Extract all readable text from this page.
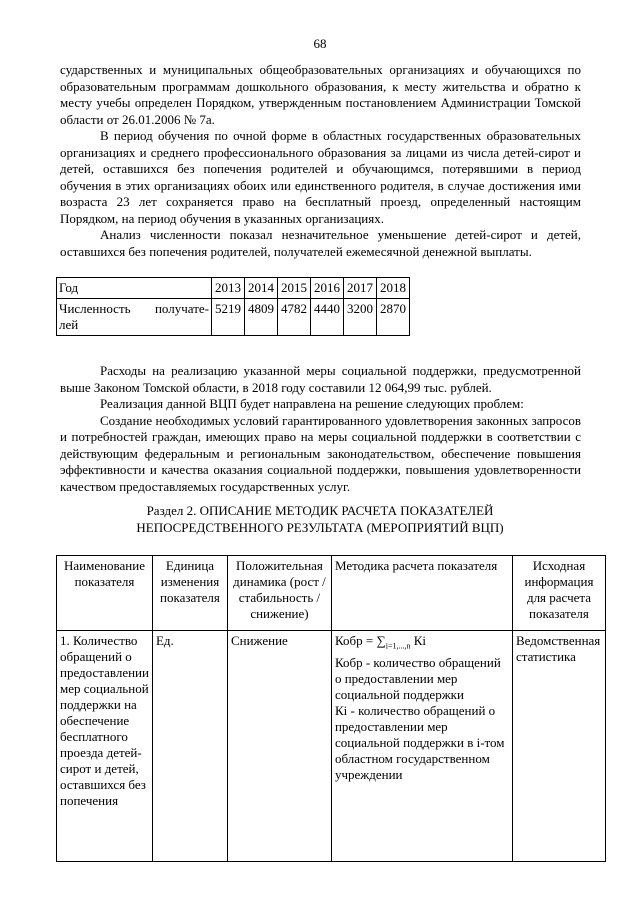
68

сударственных и муниципальных общеобразовательных организациях и обучающихся по образовательным программам дошкольного образования, к месту жительства и обратно к месту учебы определен Порядком, утвержденным постановлением Администрации Томской области от 26.01.2006 № 7а.

В период обучения по очной форме в областных государственных образовательных организациях и среднего профессионального образования за лицами из числа детей-сирот и детей, оставшихся без попечения родителей и обучающимся, потерявшими в период обучения в этих организациях обоих или единственного родителя, в случае достижения ими возраста 23 лет сохраняется право на бесплатный проезд, определенный настоящим Порядком, на период обучения в указанных организациях.

Анализ численности показал незначительное уменьшение детей-сирот и детей, оставшихся без попечения родителей, получателей ежемесячной денежной выплаты.

Год	2013	2014	2015	2016	2017	2018

Численность получате-
лей	5219	4809	4782	4440	3200	2870

Расходы на реализацию указанной меры социальной поддержки, предусмотренной выше Законом Томской области, в 2018 году составили 12 064,99 тыс. рублей.

Реализация данной ВЦП будет направлена на решение следующих проблем:

Создание необходимых условий гарантированного удовлетворения законных запросов и потребностей граждан, имеющих право на меры социальной поддержки в соответствии с действующим федеральным и региональным законодательством, обеспечение повышения эффективности и качества оказания социальной поддержки, повышения удовлетворенности качеством предоставляемых государственных услуг.

Раздел 2. ОПИСАНИЕ МЕТОДИК РАСЧЕТА ПОКАЗАТЕЛЕЙ
НЕПОСРЕДСТВЕННОГО РЕЗУЛЬТАТА (МЕРОПРИЯТИЙ ВЦП)
Наименование показателя	Единица изменения показателя	Положительная динамика (рост / стабильность / снижение)	Методика расчета показателя	Исходная информация для расчета показателя
1. Количество обращений о предоставлении мер социальной поддержки на обеспечение бесплатного проезда детей-сирот и детей, оставшихся без попечения	Ед.	Снижение	Кобр = $\sum_{i=1,...,n}$ Кi
Кобр - количество обращений о предоставлении мер социальной поддержки
Кi - количество обращений о предоставлении мер социальной поддержки в i-том областном государственном учреждении	Ведомственная статистика
